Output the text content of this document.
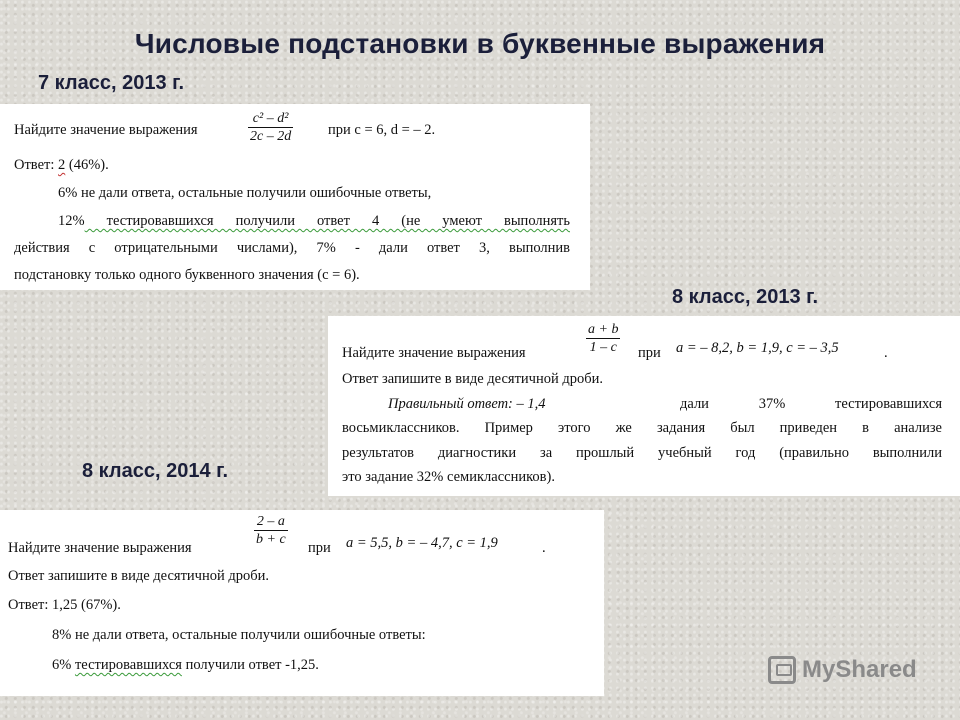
Числовые подстановки в буквенные выражения
7 класс, 2013 г.
Найдите значение выражения
c² – d²
2c – 2d	при c = 6, d = – 2.
Ответ: 2 (46%).
6% не дали ответа, остальные получили ошибочные ответы,
12% тестировавшихся получили ответ 4 (не умеют выполнять
действия с отрицательными числами), 7% - дали ответ 3, выполнив
подстановку только одного буквенного значения (c = 6).
8 класс, 2013 г.
Найдите значение выражения
a + b
1 – c при a = – 8,2, b = 1,9, c = – 3,5	.
Ответ запишите в виде десятичной дроби.
Правильный ответ: – 1,4	дали 37% тестировавшихся
восьмиклассников. Пример этого же задания был приведен в анализе
результатов диагностики за прошлый учебный год (правильно выполнили
это задание 32% семиклассников).
8 класс, 2014 г.
Найдите значение выражения
2 – a
b + c
при a = 5,5, b = – 4,7, c = 1,9	.
Ответ запишите в виде десятичной дроби.
Ответ: 1,25 (67%).
8% не дали ответа, остальные получили ошибочные ответы:
6% тестировавшихся получили ответ -1,25.	MyShared
